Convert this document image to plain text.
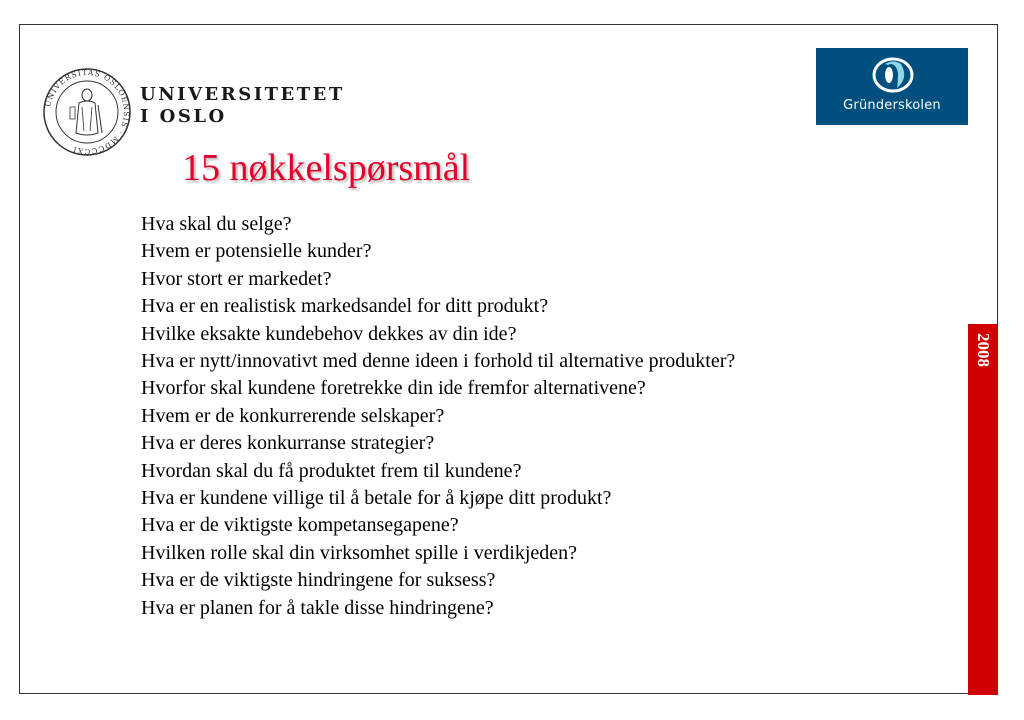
UNIVERSITAS OSLOENSIS · MDCCCXI
UNIVERSITETET
I OSLO
Gründerskolen
15 nøkkelspørsmål
Hva skal du selge?
Hvem er potensielle kunder?
Hvor stort er markedet?
Hva er en realistisk markedsandel for ditt produkt?
Hvilke eksakte kundebehov dekkes av din ide?
Hva er nytt/innovativt med denne ideen i forhold til alternative produkter?
Hvorfor skal kundene foretrekke din ide fremfor alternativene?
Hvem er de konkurrerende selskaper?
Hva er deres konkurranse strategier?
Hvordan skal du få produktet frem til kundene?
Hva er kundene villige til å betale for å kjøpe ditt produkt?
Hva er de viktigste kompetansegapene?
Hvilken rolle skal din virksomhet spille i verdikjeden?
Hva er de viktigste hindringene for suksess?
Hva er planen for å takle disse hindringene?
2008
